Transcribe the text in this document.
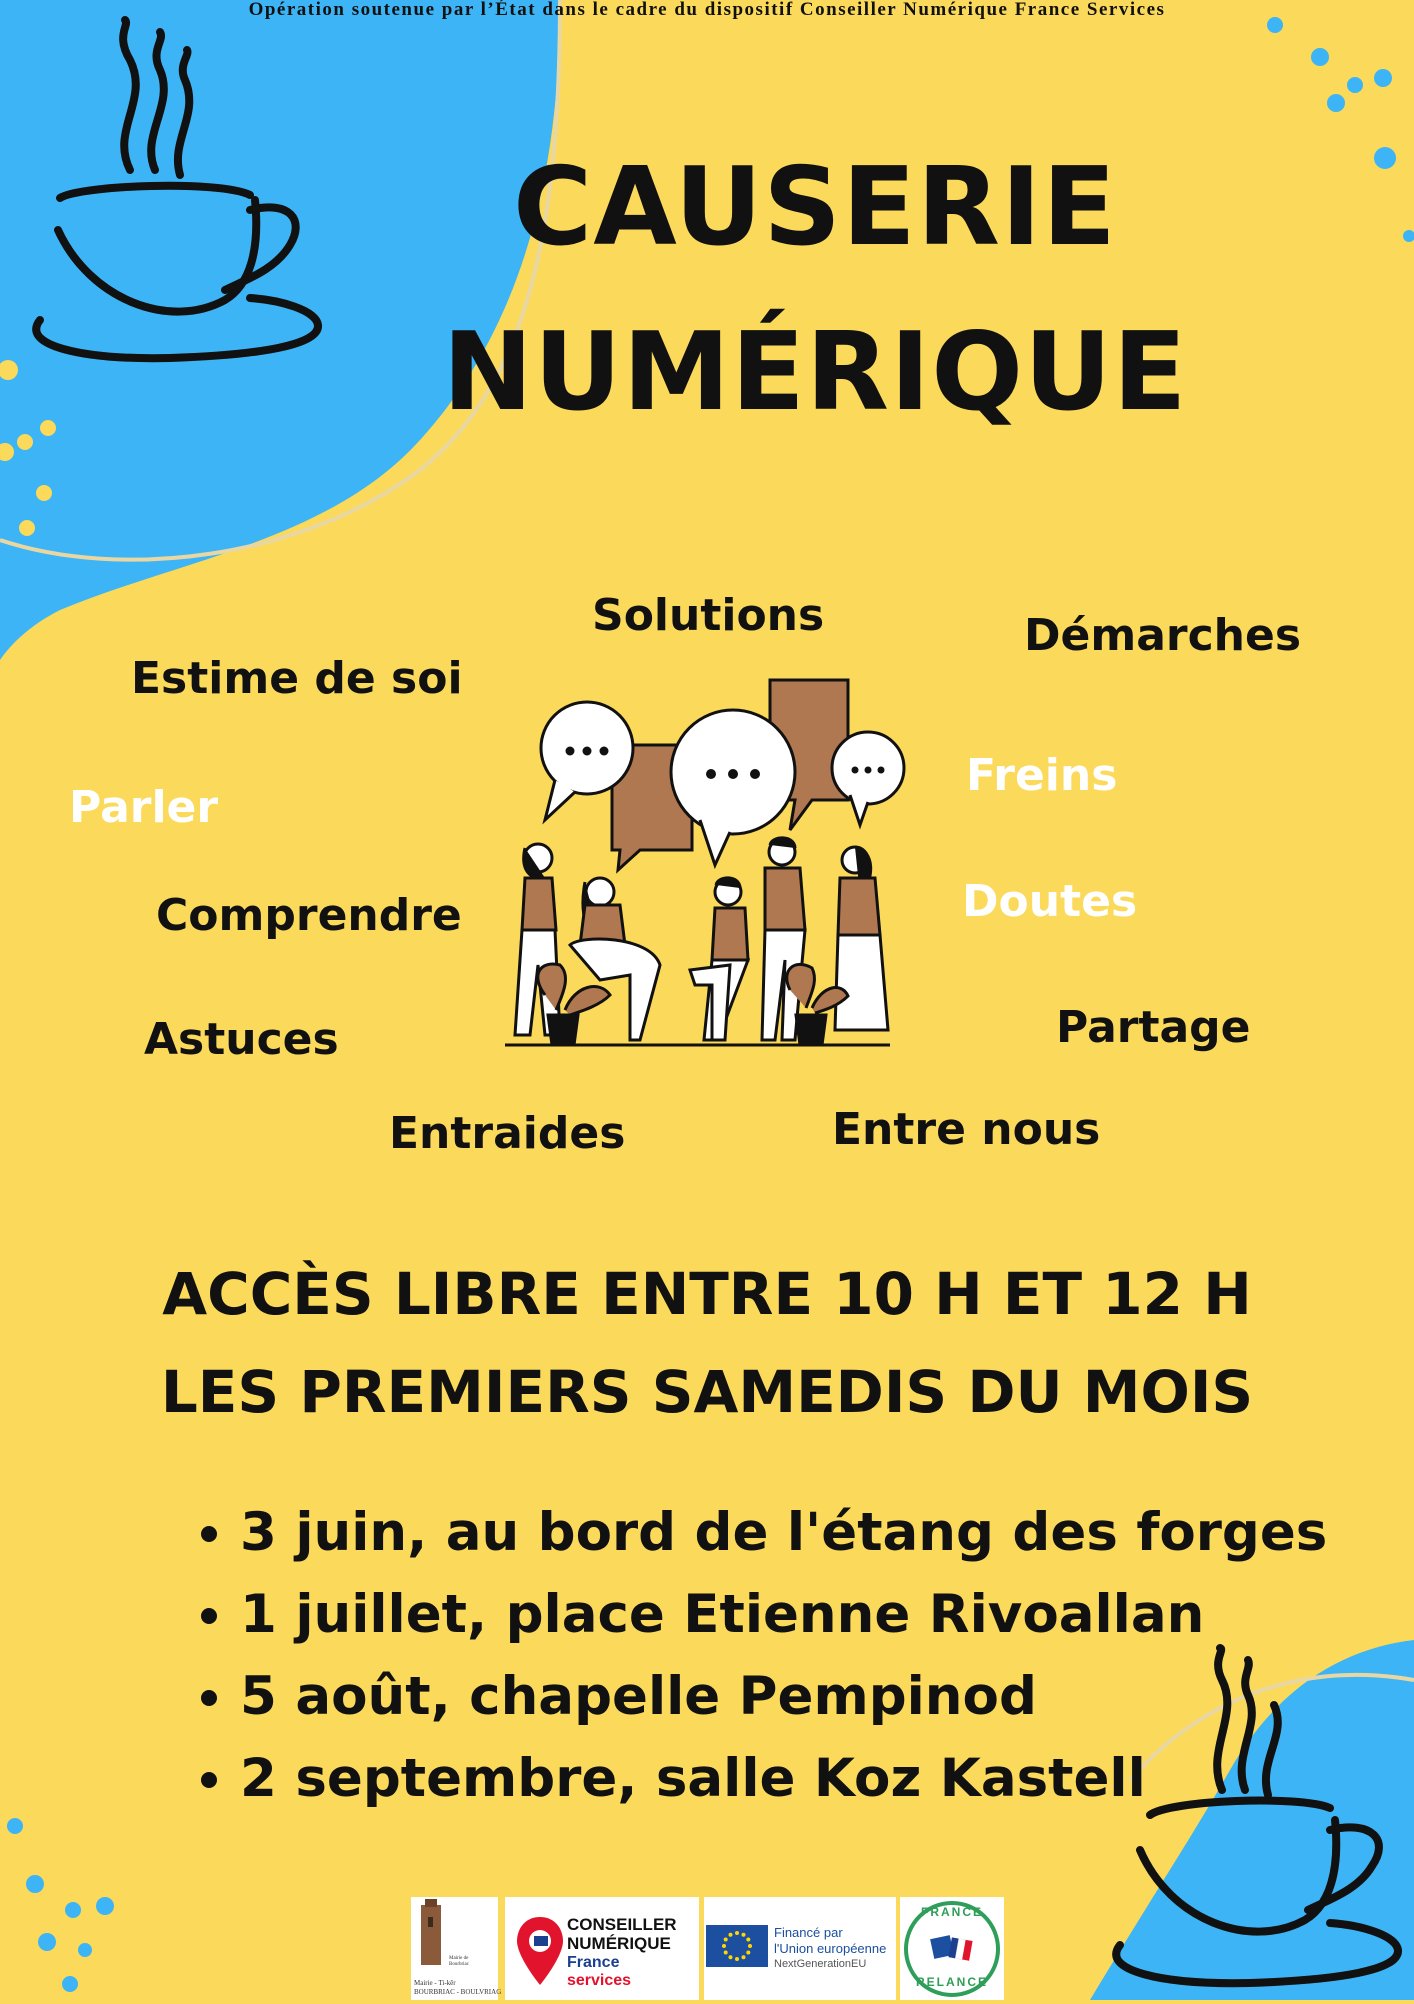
Opération soutenue par l’État dans le cadre du dispositif Conseiller Numérique France Services
CAUSERIE
NUMÉRIQUE
Solutions	Démarches
Estime de soi
Parler
Freins
Comprendre	Doutes
Astuces	Partage
Entraides	Entre nous
ACCÈS LIBRE ENTRE 10 H ET 12 H
LES PREMIERS SAMEDIS DU MOIS
• 3 juin, au bord de l'étang des forges
• 1 juillet, place Etienne Rivoallan
• 5 août, chapelle Pempinod
• 2 septembre, salle Koz Kastell
Mairie de
Bourbriac
Mairie - Ti-kêr
BOURBRIAC - BOULVRIAG
CONSEILLER
NUMÉRIQUE
France
services
Financé par
l'Union européenne
NextGenerationEU
FRANCE
RELANCE
